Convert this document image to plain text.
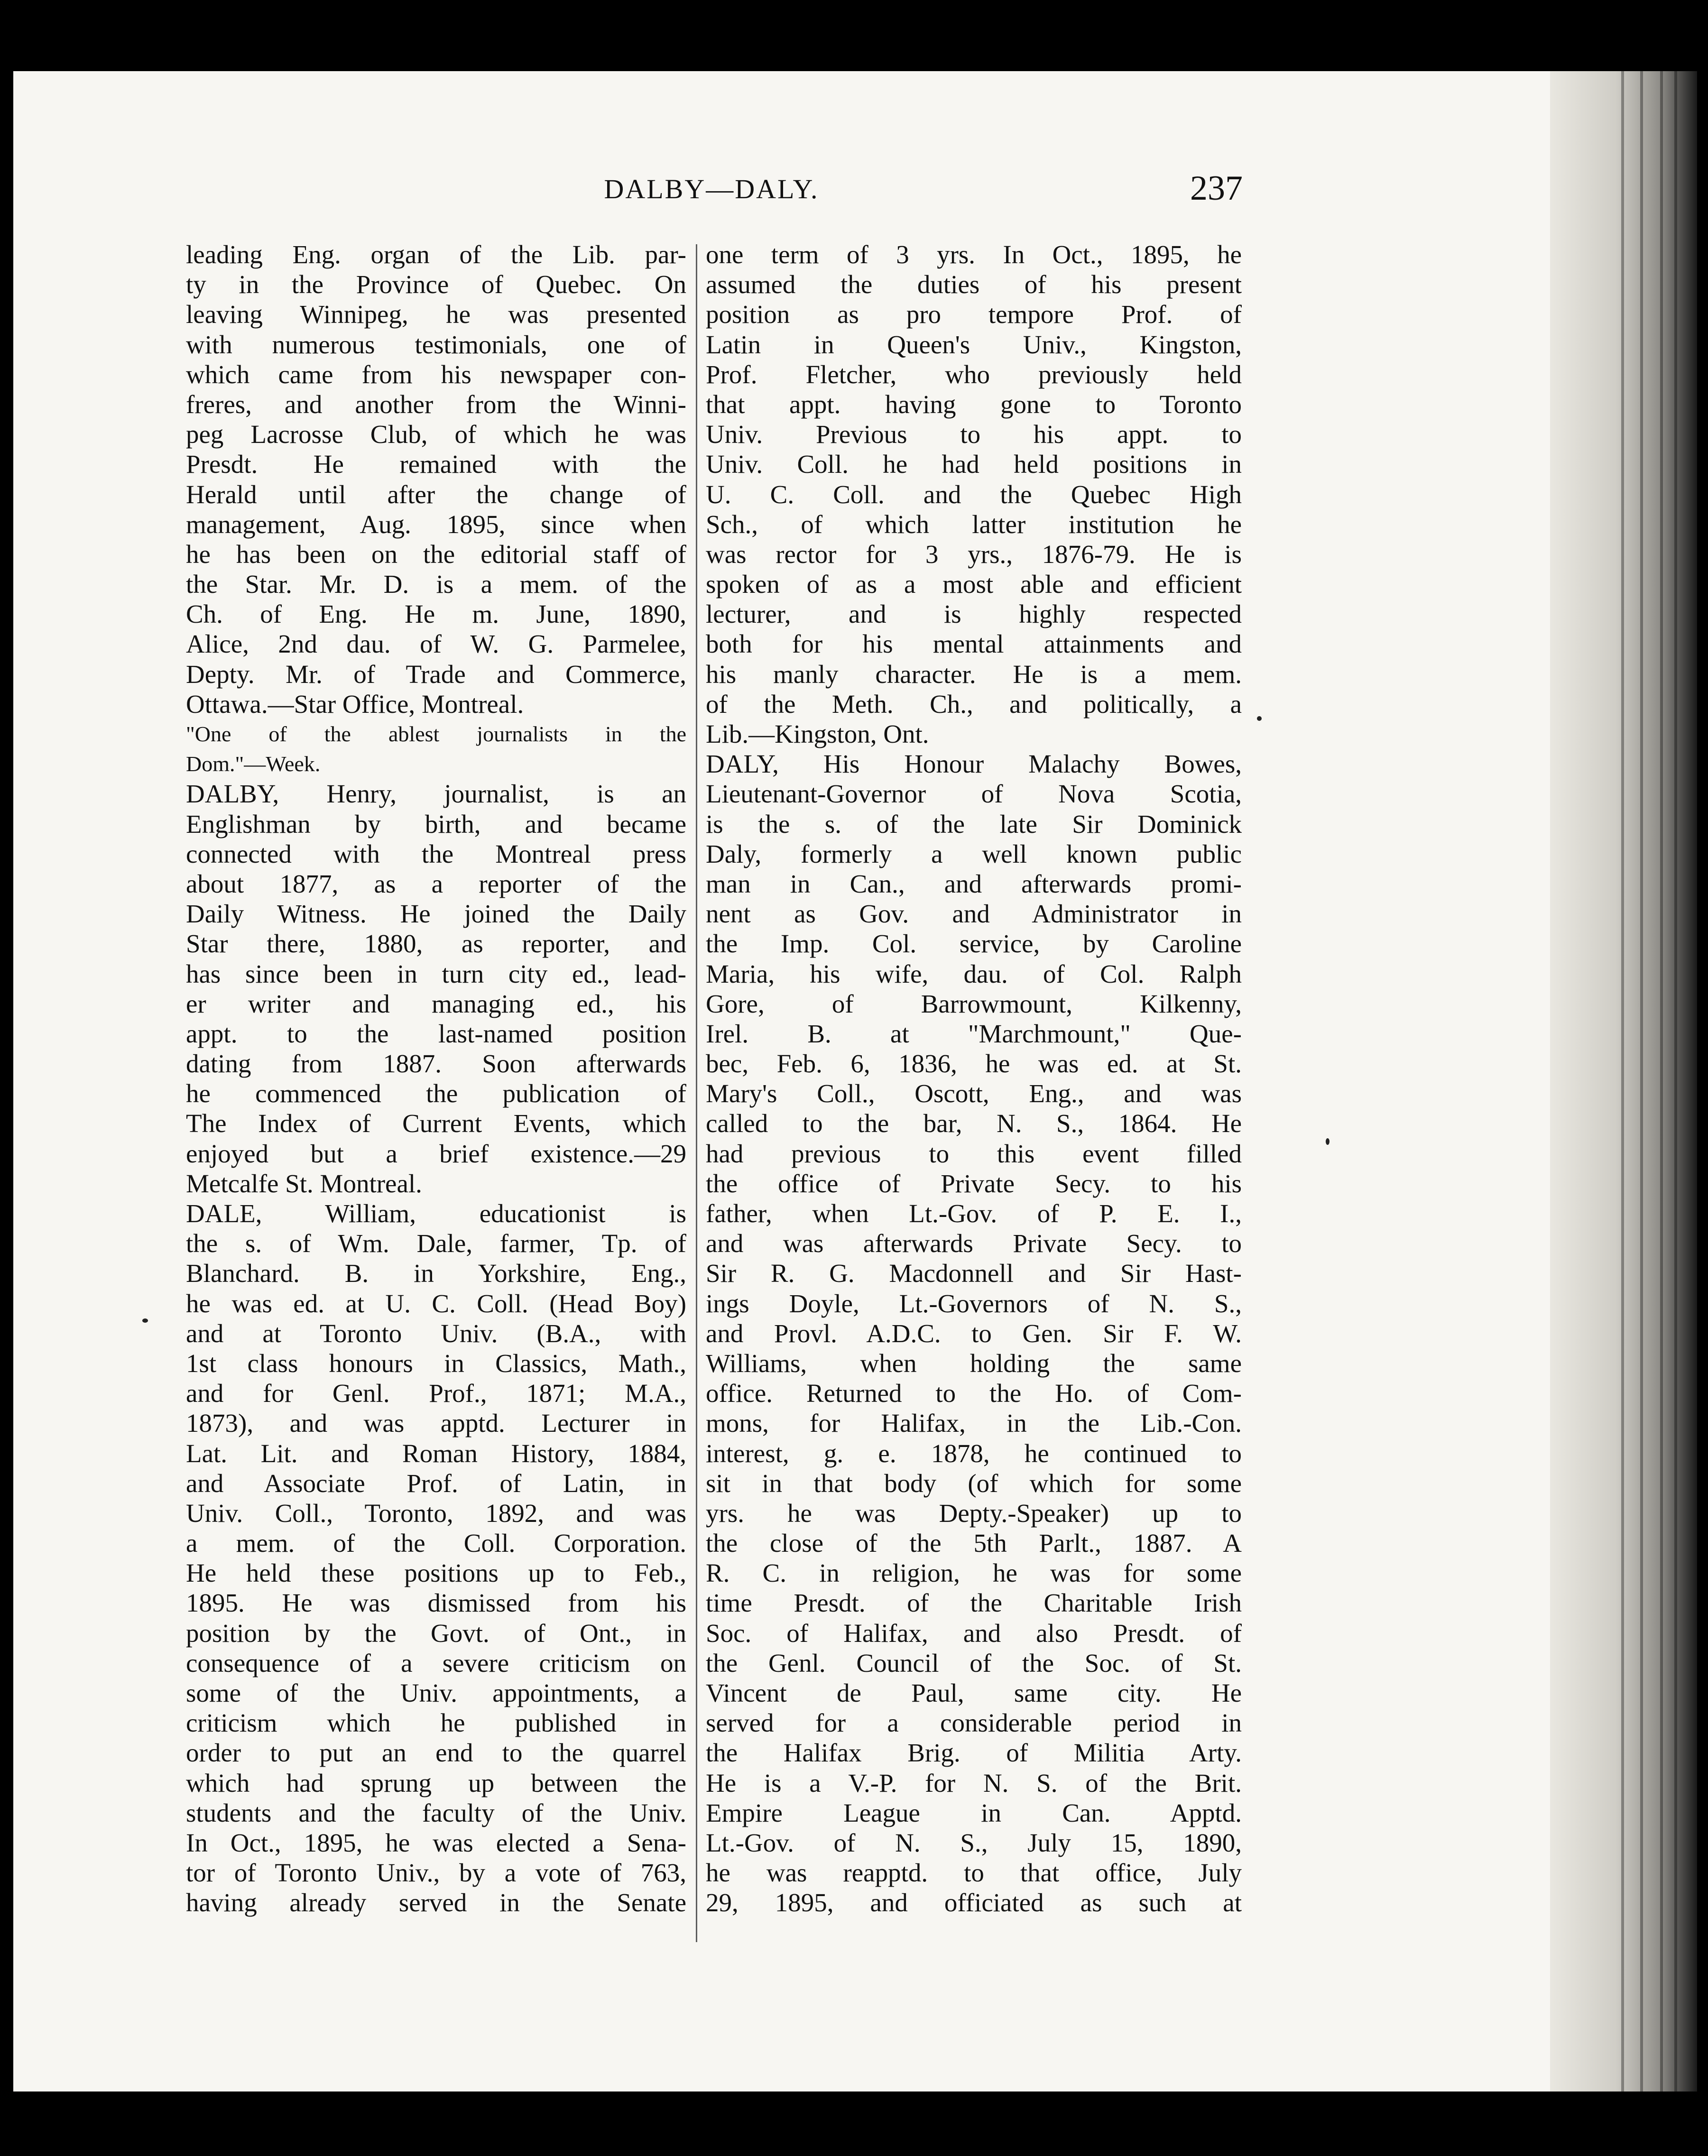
DALBY—DALY.	237
leading Eng. organ of the Lib. par-
ty in the Province of Quebec. On
leaving Winnipeg, he was presented
with numerous testimonials, one of
which came from his newspaper con-
freres, and another from the Winni-
peg Lacrosse Club, of which he was
Presdt. He remained with the
Herald until after the change of
management, Aug. 1895, since when
he has been on the editorial staff of
the Star. Mr. D. is a mem. of the
Ch. of Eng. He m. June, 1890,
Alice, 2nd dau. of W. G. Parmelee,
Depty. Mr. of Trade and Commerce,
Ottawa.—Star Office, Montreal.
"One of the ablest journalists in the
Dom."—Week.
DALBY, Henry, journalist, is an
Englishman by birth, and became
connected with the Montreal press
about 1877, as a reporter of the
Daily Witness. He joined the Daily
Star there, 1880, as reporter, and
has since been in turn city ed., lead-
er writer and managing ed., his
appt. to the last-named position
dating from 1887. Soon afterwards
he commenced the publication of
The Index of Current Events, which
enjoyed but a brief existence.—29
Metcalfe St. Montreal.
DALE, William, educationist is
the s. of Wm. Dale, farmer, Tp. of
Blanchard. B. in Yorkshire, Eng.,
he was ed. at U. C. Coll. (Head Boy)
and at Toronto Univ. (B.A., with
1st class honours in Classics, Math.,
and for Genl. Prof., 1871; M.A.,
1873), and was apptd. Lecturer in
Lat. Lit. and Roman History, 1884,
and Associate Prof. of Latin, in
Univ. Coll., Toronto, 1892, and was
a mem. of the Coll. Corporation.
He held these positions up to Feb.,
1895. He was dismissed from his
position by the Govt. of Ont., in
consequence of a severe criticism on
some of the Univ. appointments, a
criticism which he published in
order to put an end to the quarrel
which had sprung up between the
students and the faculty of the Univ.
In Oct., 1895, he was elected a Sena-
tor of Toronto Univ., by a vote of 763,
having already served in the Senate
one term of 3 yrs. In Oct., 1895, he
assumed the duties of his present
position as pro tempore Prof. of
Latin in Queen's Univ., Kingston,
Prof. Fletcher, who previously held
that appt. having gone to Toronto
Univ. Previous to his appt. to
Univ. Coll. he had held positions in
U. C. Coll. and the Quebec High
Sch., of which latter institution he
was rector for 3 yrs., 1876-79. He is
spoken of as a most able and efficient
lecturer, and is highly respected
both for his mental attainments and
his manly character. He is a mem.
of the Meth. Ch., and politically, a
Lib.—Kingston, Ont.
DALY, His Honour Malachy Bowes,
Lieutenant-Governor of Nova Scotia,
is the s. of the late Sir Dominick
Daly, formerly a well known public
man in Can., and afterwards promi-
nent as Gov. and Administrator in
the Imp. Col. service, by Caroline
Maria, his wife, dau. of Col. Ralph
Gore, of Barrowmount, Kilkenny,
Irel. B. at "Marchmount," Que-
bec, Feb. 6, 1836, he was ed. at St.
Mary's Coll., Oscott, Eng., and was
called to the bar, N. S., 1864. He
had previous to this event filled
the office of Private Secy. to his
father, when Lt.-Gov. of P. E. I.,
and was afterwards Private Secy. to
Sir R. G. Macdonnell and Sir Hast-
ings Doyle, Lt.-Governors of N. S.,
and Provl. A.D.C. to Gen. Sir F. W.
Williams, when holding the same
office. Returned to the Ho. of Com-
mons, for Halifax, in the Lib.-Con.
interest, g. e. 1878, he continued to
sit in that body (of which for some
yrs. he was Depty.-Speaker) up to
the close of the 5th Parlt., 1887. A
R. C. in religion, he was for some
time Presdt. of the Charitable Irish
Soc. of Halifax, and also Presdt. of
the Genl. Council of the Soc. of St.
Vincent de Paul, same city. He
served for a considerable period in
the Halifax Brig. of Militia Arty.
He is a V.-P. for N. S. of the Brit.
Empire League in Can. Apptd.
Lt.-Gov. of N. S., July 15, 1890,
he was reapptd. to that office, July
29, 1895, and officiated as such at
